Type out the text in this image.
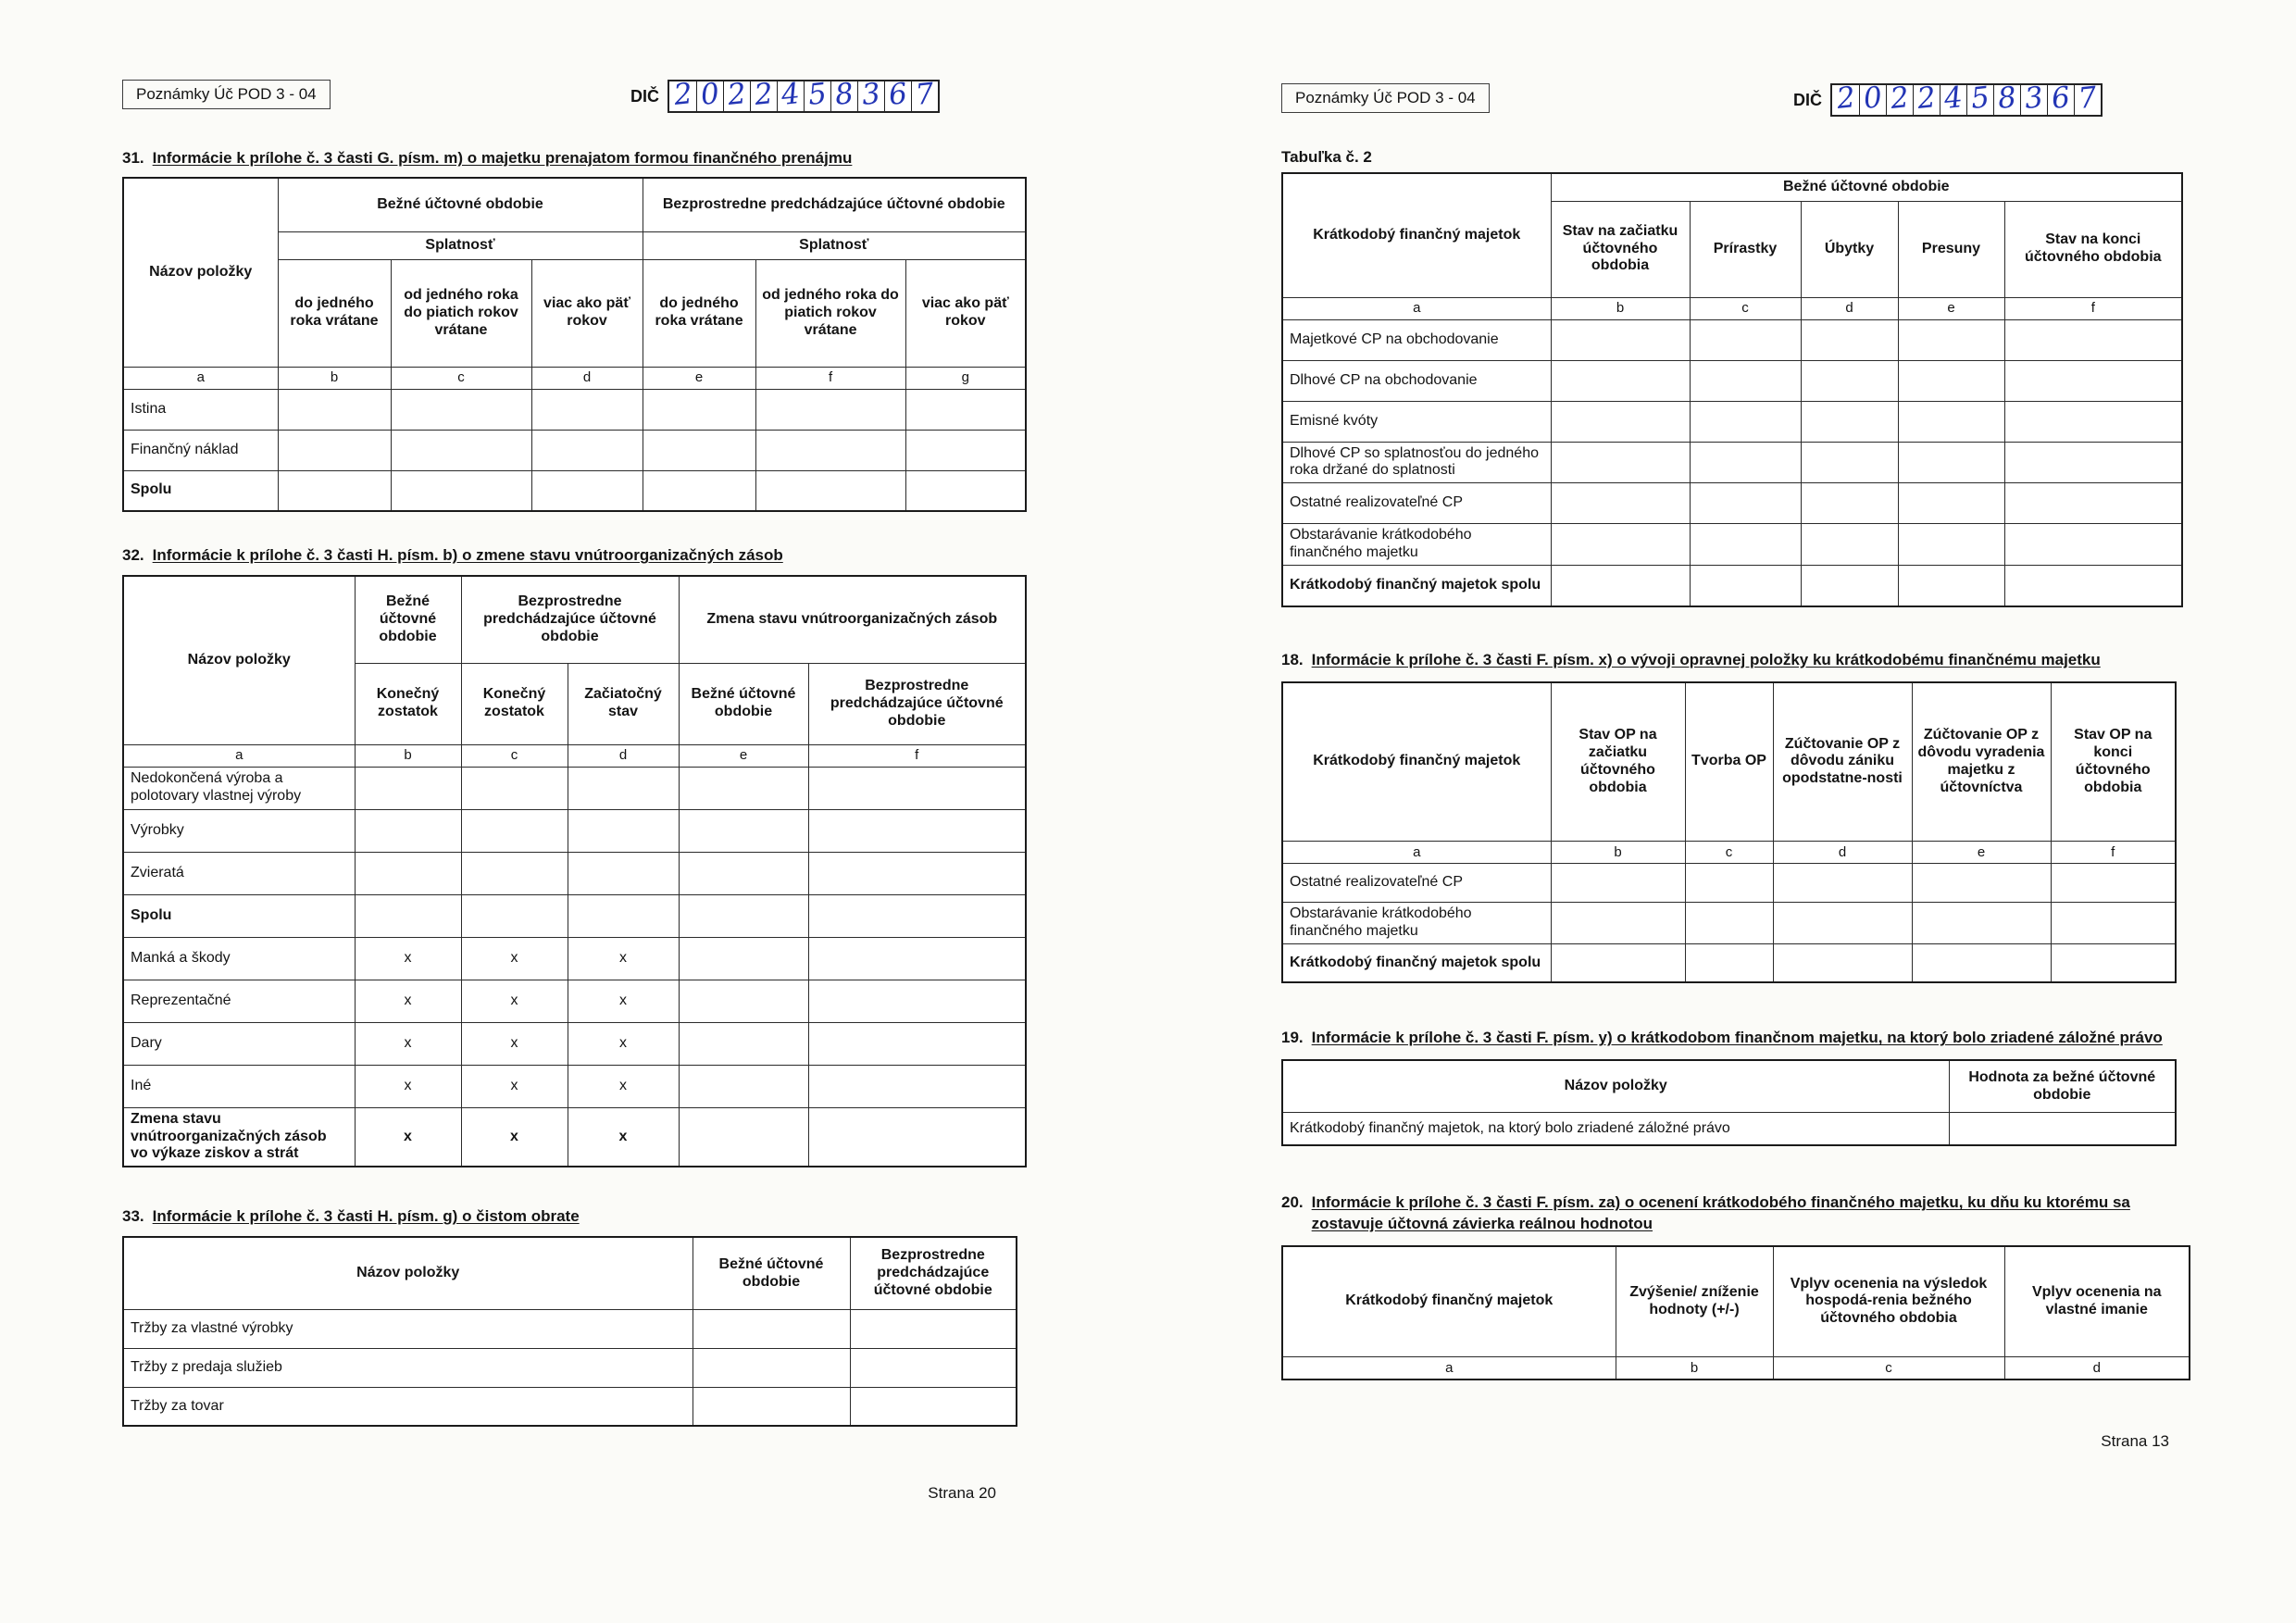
Poznámky Úč POD 3 - 04	DIČ 2 0 2 2 4 5 8 3 6 7
31. Informácie k prílohe č. 3 časti G. písm. m) o majetku prenajatom formou finančného prenájmu
Názov položky	Bežné účtovné obdobie			Bezprostredne predchádzajúce účtovné obdobie		
	Splatnosť			Splatnosť		
	do jedného roka vrátane	od jedného roka do piatich rokov vrátane	viac ako päť rokov	do jedného roka vrátane	od jedného roka do piatich rokov vrátane	viac ako päť rokov
a	b	c	d	e	f	g
Istina						
Finančný náklad						
Spolu						
32. Informácie k prílohe č. 3 časti H. písm. b) o zmene stavu vnútroorganizačných zásob
Názov položky	Bežné účtovné obdobie	Bezprostredne predchádzajúce účtovné obdobie		Zmena stavu vnútroorganizačných zásob	
	Konečný zostatok	Konečný zostatok	Začiatočný stav	Bežné účtovné obdobie	Bezprostredne predchádzajúce účtovné obdobie
a	b	c	d	e	f
Nedokončená výroba a polotovary vlastnej výroby					
Výrobky					
Zvieratá					
Spolu					
Manká a škody	x	x	x		
Reprezentačné	x	x	x		
Dary	x	x	x		
Iné	x	x	x		
Zmena stavu vnútroorganizačných zásob vo výkaze ziskov a strát	x	x	x		
33. Informácie k prílohe č. 3 časti H. písm. g) o čistom obrate
Názov položky	Bežné účtovné obdobie	Bezprostredne predchádzajúce účtovné obdobie
Tržby za vlastné výrobky		
Tržby z predaja služieb		
Tržby za tovar		
Strana 20
Poznámky Úč POD 3 - 04	DIČ 2 0 2 2 4 5 8 3 6 7
Tabuľka č. 2
Krátkodobý finančný majetok	Bežné účtovné obdobie				
	Stav na začiatku účtovného obdobia	Prírastky	Úbytky	Presuny	Stav na konci účtovného obdobia
a	b	c	d	e	f
Majetkové CP na obchodovanie					
Dlhové CP na obchodovanie					
Emisné kvóty					
Dlhové CP so splatnosťou do jedného roka držané do splatnosti					
Ostatné realizovateľné CP					
Obstarávanie krátkodobého finančného majetku					
Krátkodobý finančný majetok spolu					
18. Informácie k prílohe č. 3 časti F. písm. x) o vývoji opravnej položky ku krátkodobému finančnému majetku
Krátkodobý finančný majetok	Stav OP na začiatku účtovného obdobia	Tvorba OP	Zúčtovanie OP z dôvodu zániku opodstatne-nosti	Zúčtovanie OP z dôvodu vyradenia majetku z účtovníctva	Stav OP na konci účtovného obdobia
a	b	c	d	e	f
Ostatné realizovateľné CP					
Obstarávanie krátkodobého finančného majetku					
Krátkodobý finančný majetok spolu					
19. Informácie k prílohe č. 3 časti F. písm. y) o krátkodobom finančnom majetku, na ktorý bolo zriadené záložné právo
Názov položky	Hodnota za bežné účtovné obdobie
Krátkodobý finančný majetok, na ktorý bolo zriadené záložné právo	
20. Informácie k prílohe č. 3 časti F. písm. za) o ocenení krátkodobého finančného majetku, ku dňu ku ktorému sa zostavuje účtovná závierka reálnou hodnotou
Krátkodobý finančný majetok	Zvýšenie/ zníženie hodnoty (+/-)	Vplyv ocenenia na výsledok hospodá-renia bežného účtovného obdobia	Vplyv ocenenia na vlastné imanie
a	b	c	d
Strana 13
